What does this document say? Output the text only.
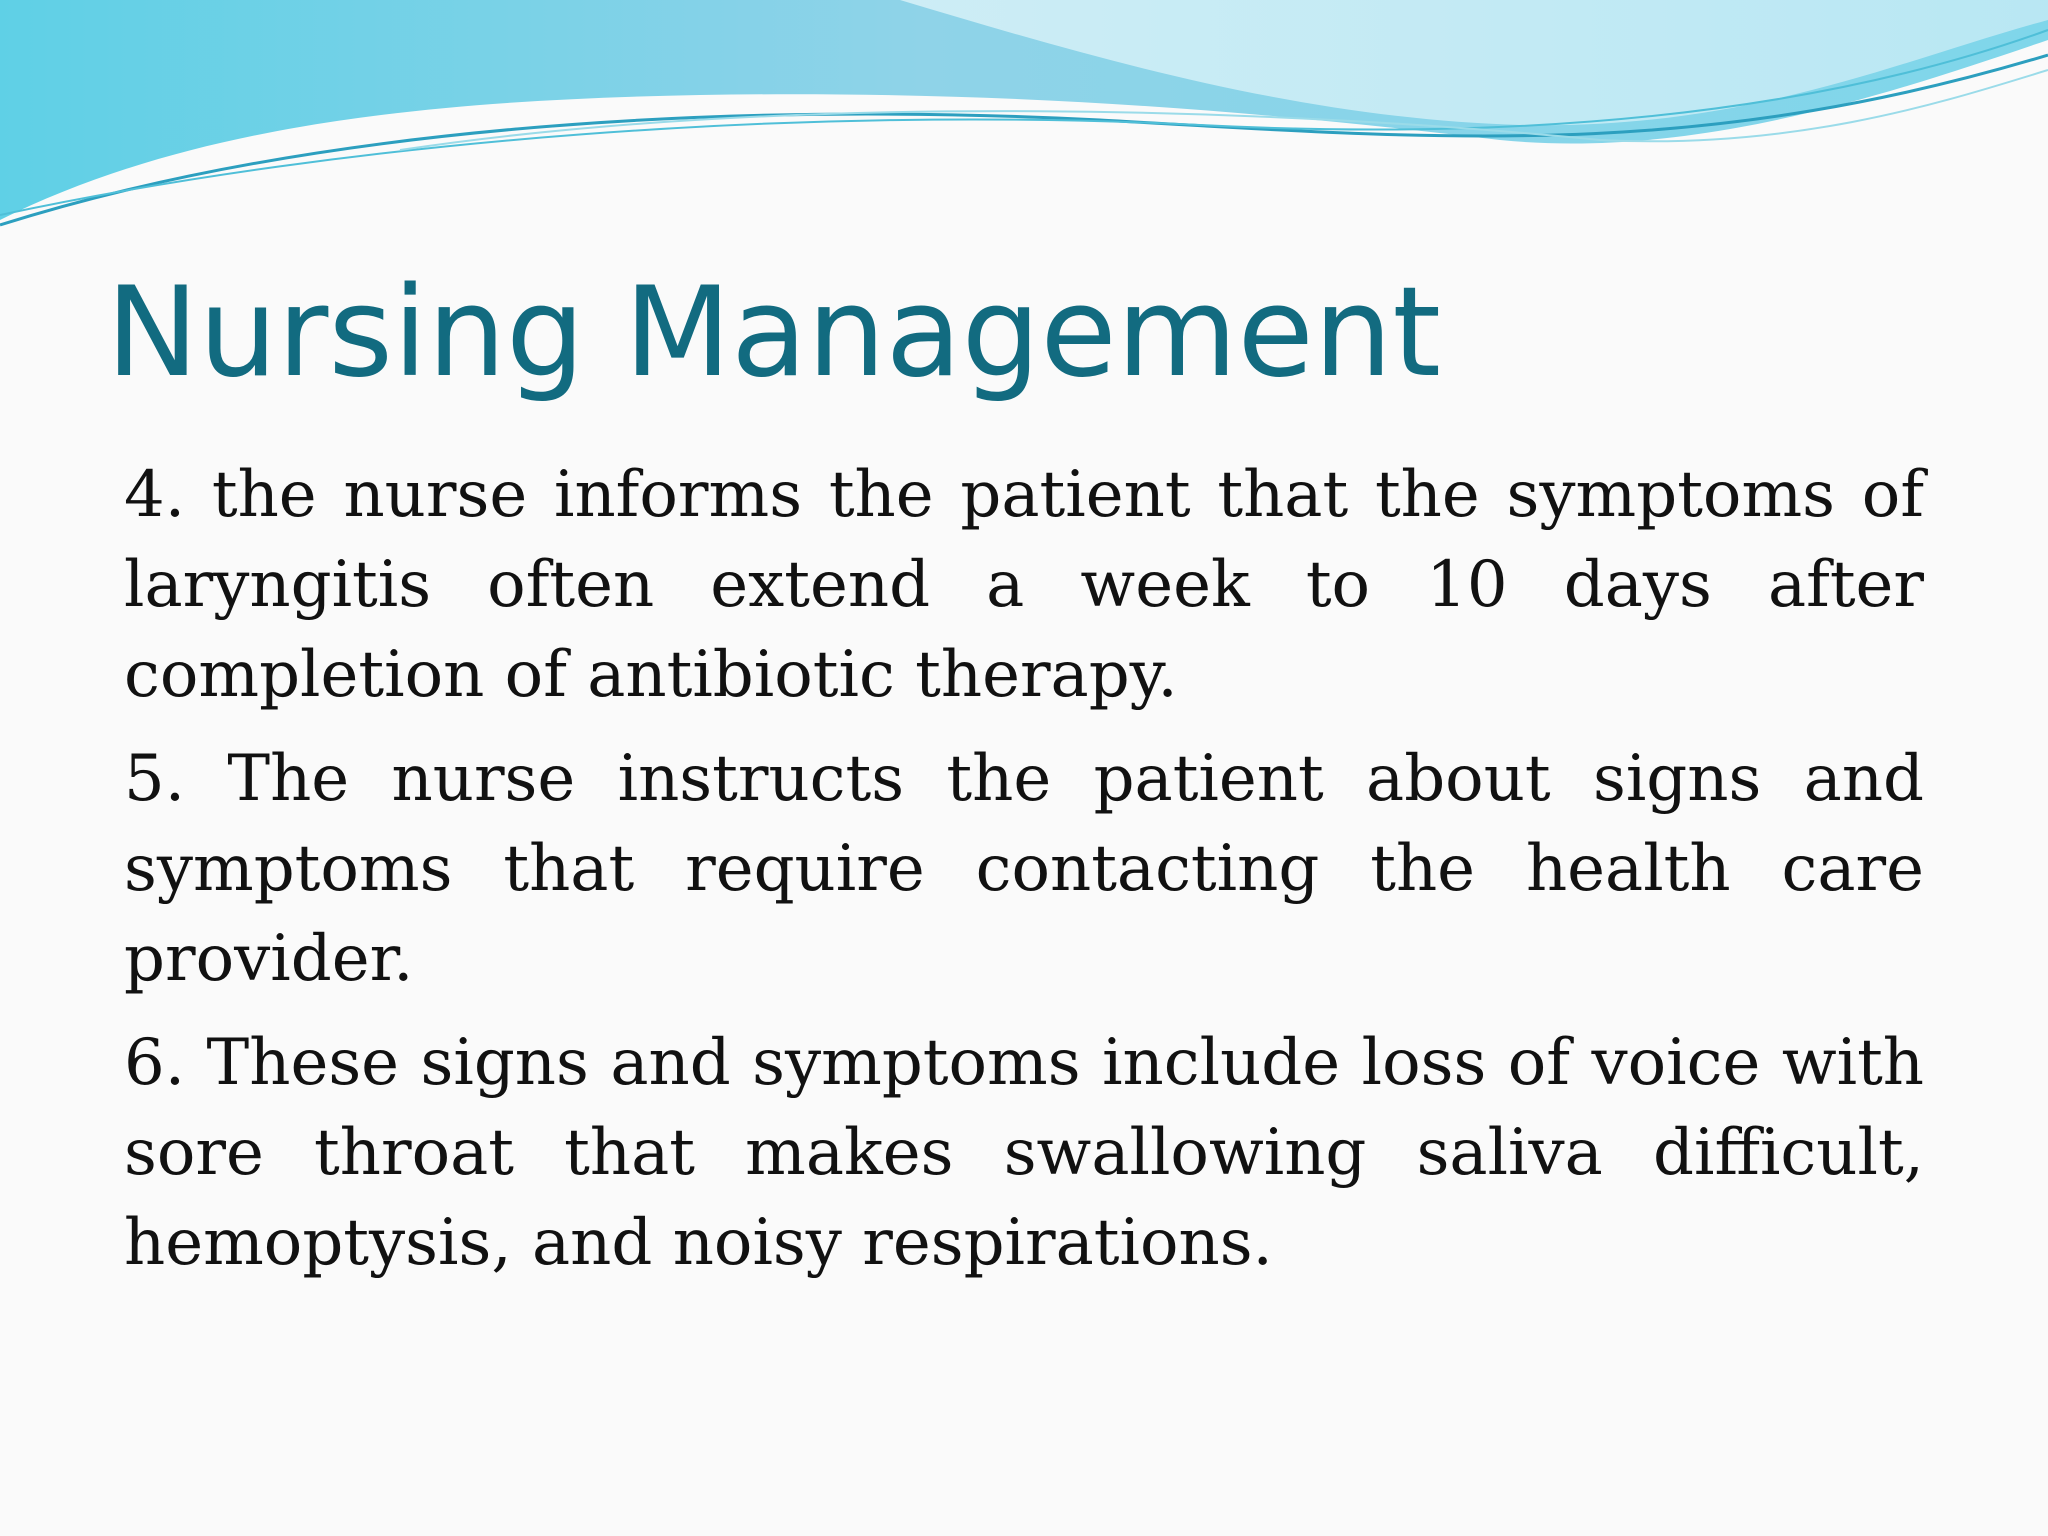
Nursing Management

4. the nurse informs the patient that the symptoms of laryngitis often extend a week to 10 days after completion of antibiotic therapy.

5. The nurse instructs the patient about signs and symptoms that require contacting the health care provider.

6. These signs and symptoms include loss of voice with sore throat that makes swallowing saliva difficult, hemoptysis, and noisy respirations.
